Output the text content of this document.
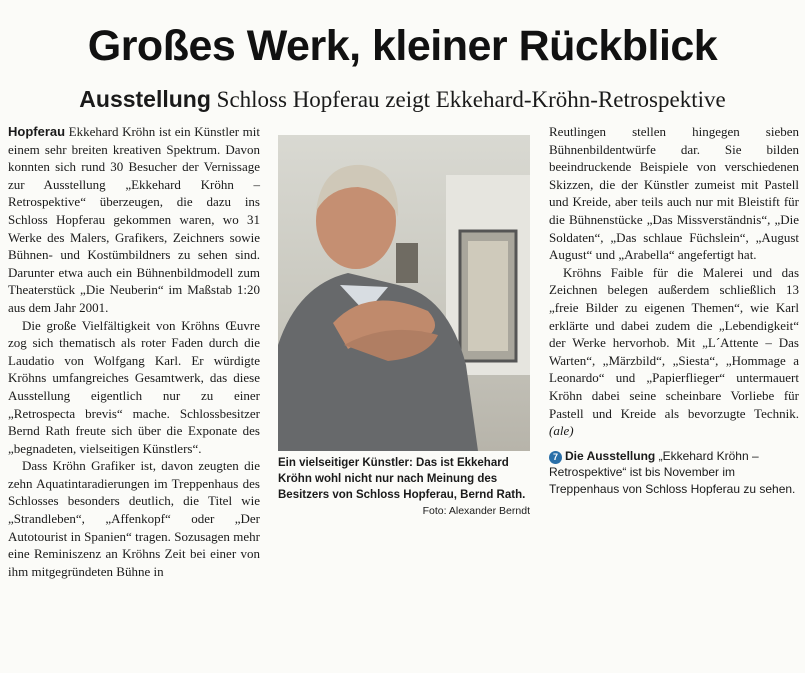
Großes Werk, kleiner Rückblick
Ausstellung Schloss Hopferau zeigt Ekkehard-Kröhn-Retrospektive

Hopferau Ekkehard Kröhn ist ein Künstler mit einem sehr breiten kreativen Spektrum. Davon konnten sich rund 30 Besucher der Vernissage zur Ausstellung „Ekkehard Kröhn – Retrospektive“ überzeugen, die dazu ins Schloss Hopferau gekommen waren, wo 31 Werke des Malers, Grafikers, Zeichners sowie Bühnen- und Kostümbildners zu sehen sind. Darunter etwa auch ein Bühnenbildmodell zum Theaterstück „Die Neuberin“ im Maßstab 1:20 aus dem Jahr 2001.

Die große Vielfältigkeit von Kröhns Œuvre zog sich thematisch als roter Faden durch die Laudatio von Wolfgang Karl. Er würdigte Kröhns umfangreiches Gesamtwerk, das diese Ausstellung eigentlich nur zu einer „Retrospecta brevis“ mache. Schlossbesitzer Bernd Rath freute sich über die Exponate des „begnadeten, vielseitigen Künstlers“.

Dass Kröhn Grafiker ist, davon zeugten die zehn Aquatintaradierungen im Treppenhaus des Schlosses besonders deutlich, die Titel wie „Strandleben“, „Affenkopf“ oder „Der Autotourist in Spanien“ tragen. Sozusagen mehr eine Reminiszenz an Kröhns Zeit bei einer von ihm mitgegründeten Bühne in

Ein vielseitiger Künstler: Das ist Ekkehard Kröhn wohl nicht nur nach Meinung des Besitzers von Schloss Hopferau, Bernd Rath.
Foto: Alexander Berndt

Reutlingen stellen hingegen sieben Bühnenbildentwürfe dar. Sie bilden beeindruckende Beispiele von verschiedenen Skizzen, die der Künstler zumeist mit Pastell und Kreide, aber teils auch nur mit Bleistift für die Bühnenstücke „Das Missverständnis“, „Die Soldaten“, „Das schlaue Füchslein“, „August August“ und „Arabella“ angefertigt hat.

Kröhns Faible für die Malerei und das Zeichnen belegen außerdem schließlich 13 „freie Bilder zu eigenen Themen“, wie Karl erklärte und dabei zudem die „Lebendigkeit“ der Werke hervorhob. Mit „L´Attente – Das Warten“, „Märzbild“, „Siesta“, „Hommage a Leonardo“ und „Papierflieger“ untermauert Kröhn dabei seine scheinbare Vorliebe für Pastell und Kreide als bevorzugte Technik. (ale)

7 Die Ausstellung „Ekkehard Kröhn – Retrospektive“ ist bis November im Treppenhaus von Schloss Hopferau zu sehen.
